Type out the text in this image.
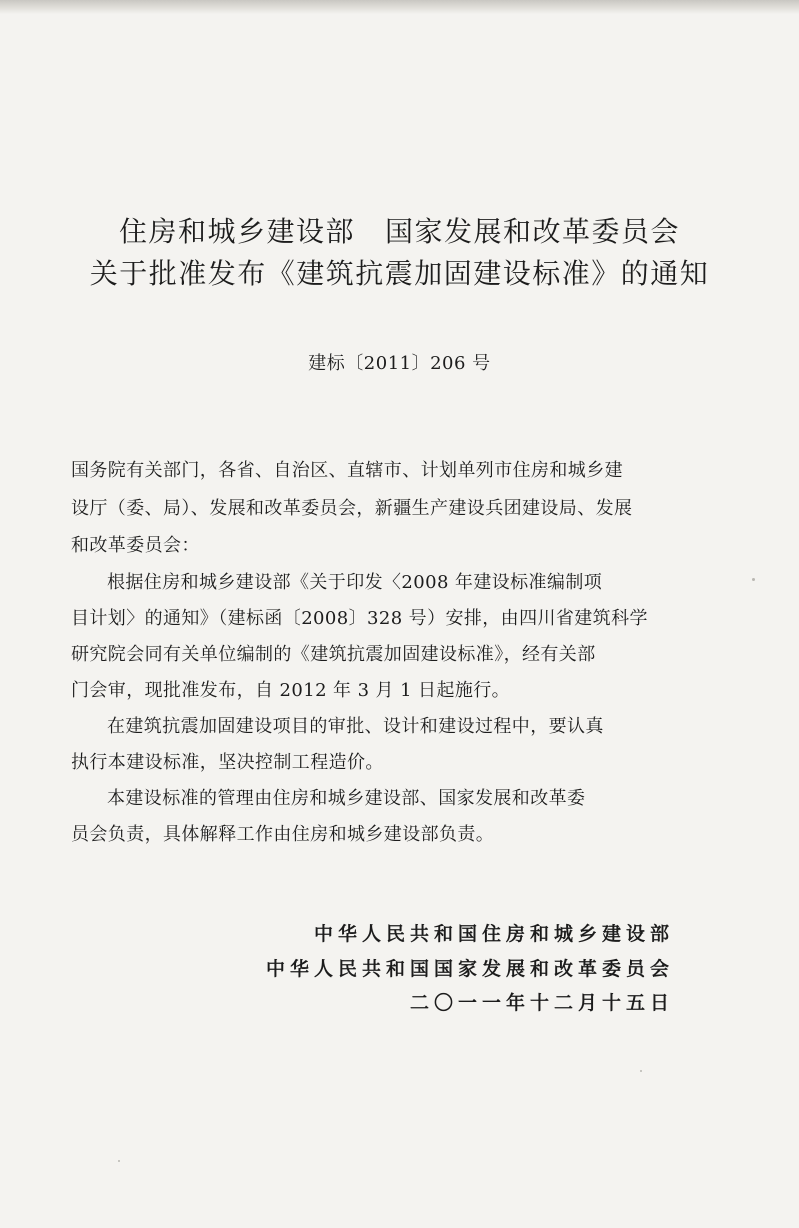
住房和城乡建设部 国家发展和改革委员会
关于批准发布《建筑抗震加固建设标准》的通知
建标〔2011〕206 号
国务院有关部门，各省、自治区、直辖市、计划单列市住房和城乡建
设厅（委、局）、发展和改革委员会，新疆生产建设兵团建设局、发展
和改革委员会：
根据住房和城乡建设部《关于印发〈2008 年建设标准编制项
目计划〉的通知》（建标函〔2008〕328 号）安排，由四川省建筑科学
研究院会同有关单位编制的《建筑抗震加固建设标准》，经有关部
门会审，现批准发布，自 2012 年 3 月 1 日起施行。
在建筑抗震加固建设项目的审批、设计和建设过程中，要认真
执行本建设标准，坚决控制工程造价。
本建设标准的管理由住房和城乡建设部、国家发展和改革委
员会负责，具体解释工作由住房和城乡建设部负责。
中华人民共和国住房和城乡建设部
中华人民共和国国家发展和改革委员会
二〇一一年十二月十五日
